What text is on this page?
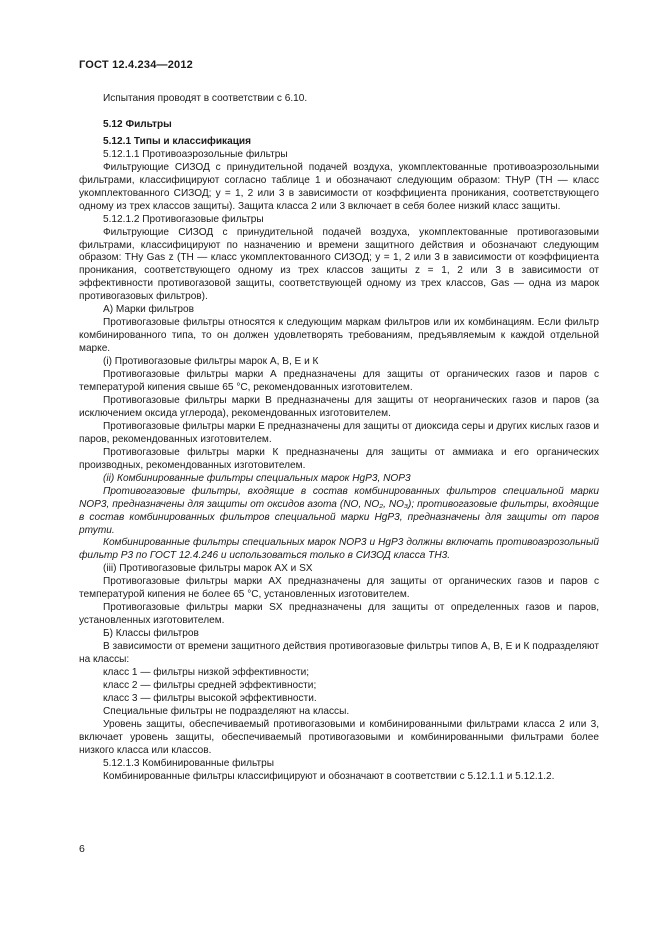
ГОСТ 12.4.234—2012

Испытания проводят в соответствии с 6.10.

5.12 Фильтры

5.12.1 Типы и классификация

5.12.1.1 Противоаэрозольные фильтры

Фильтрующие СИЗОД с принудительной подачей воздуха, укомплектованные противоаэрозольными фильтрами, классифицируют согласно таблице 1 и обозначают следующим образом: ТНуР (ТН — класс укомплектованного СИЗОД; у = 1, 2 или 3 в зависимости от коэффициента проникания, соответствующего одному из трех классов защиты). Защита класса 2 или 3 включает в себя более низкий класс защиты.

5.12.1.2 Противогазовые фильтры

Фильтрующие СИЗОД с принудительной подачей воздуха, укомплектованные противогазовыми фильтрами, классифицируют по назначению и времени защитного действия и обозначают следующим образом: ТНу Gas z (ТН — класс укомплектованного СИЗОД; у = 1, 2 или 3 в зависимости от коэффициента проникания, соответствующего одному из трех классов защиты z = 1, 2 или 3 в зависимости от эффективности противогазовой защиты, соответствующей одному из трех классов, Gas — одна из марок противогазовых фильтров).

А) Марки фильтров

Противогазовые фильтры относятся к следующим маркам фильтров или их комбинациям. Если фильтр комбинированного типа, то он должен удовлетворять требованиям, предъявляемым к каждой отдельной марке.

(i) Противогазовые фильтры марок А, В, Е и К

Противогазовые фильтры марки А предназначены для защиты от органических газов и паров с температурой кипения свыше 65 °С, рекомендованных изготовителем.

Противогазовые фильтры марки В предназначены для защиты от неорганических газов и паров (за исключением оксида углерода), рекомендованных изготовителем.

Противогазовые фильтры марки Е предназначены для защиты от диоксида серы и других кислых газов и паров, рекомендованных изготовителем.

Противогазовые фильтры марки К предназначены для защиты от аммиака и его органических производных, рекомендованных изготовителем.

(ii) Комбинированные фильтры специальных марок HgP3, NOP3

Противогазовые фильтры, входящие в состав комбинированных фильтров специальной марки NOP3, предназначены для защиты от оксидов азота (NO, NO₂, NO₃); противогазовые фильтры, входящие в состав комбинированных фильтров специальной марки HgP3, предназначены для защиты от паров ртути.

Комбинированные фильтры специальных марок NOP3 и HgP3 должны включать противоаэрозольный фильтр Р3 по ГОСТ 12.4.246 и использоваться только в СИЗОД класса ТН3.

(iii) Противогазовые фильтры марок АХ и SX

Противогазовые фильтры марки АХ предназначены для защиты от органических газов и паров с температурой кипения не более 65 °С, установленных изготовителем.

Противогазовые фильтры марки SX предназначены для защиты от определенных газов и паров, установленных изготовителем.

Б) Классы фильтров

В зависимости от времени защитного действия противогазовые фильтры типов А, В, Е и К подразделяют на классы:

класс 1 — фильтры низкой эффективности;

класс 2 — фильтры средней эффективности;

класс 3 — фильтры высокой эффективности.

Специальные фильтры не подразделяют на классы.

Уровень защиты, обеспечиваемый противогазовыми и комбинированными фильтрами класса 2 или 3, включает уровень защиты, обеспечиваемый противогазовыми и комбинированными фильтрами более низкого класса или классов.

5.12.1.3 Комбинированные фильтры

Комбинированные фильтры классифицируют и обозначают в соответствии с 5.12.1.1 и 5.12.1.2.

6
